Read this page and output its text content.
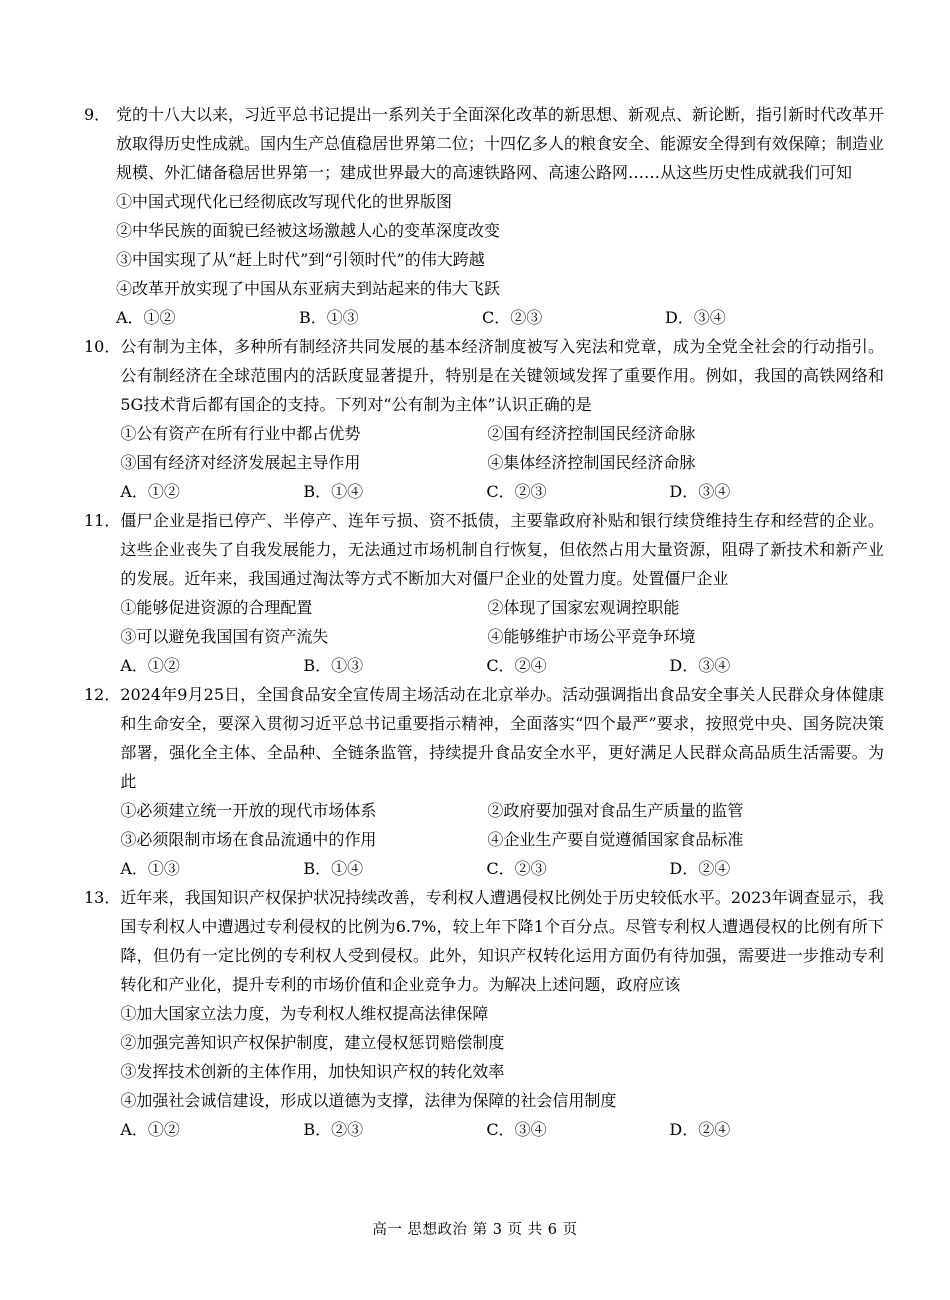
9． 党的十八大以来，习近平总书记提出一系列关于全面深化改革的新思想、新观点、新论断，指引新时代改革开放取得历史性成就。国内生产总值稳居世界第二位；十四亿多人的粮食安全、能源安全得到有效保障；制造业规模、外汇储备稳居世界第一；建成世界最大的高速铁路网、高速公路网……从这些历史性成就我们可知
①中国式现代化已经彻底改写现代化的世界版图
②中华民族的面貌已经被这场激越人心的变革深度改变
③中国实现了从“赶上时代”到“引领时代”的伟大跨越
④改革开放实现了中国从东亚病夫到站起来的伟大飞跃
A．①②	B．①③	C．②③	D．③④
10． 公有制为主体，多种所有制经济共同发展的基本经济制度被写入宪法和党章，成为全党全社会的行动指引。公有制经济在全球范围内的活跃度显著提升，特别是在关键领域发挥了重要作用。例如，我国的高铁网络和5G技术背后都有国企的支持。下列对“公有制为主体”认识正确的是
①公有资产在所有行业中都占优势	②国有经济控制国民经济命脉
③国有经济对经济发展起主导作用	④集体经济控制国民经济命脉
A．①②	B．①④	C．②③	D．③④
11． 僵尸企业是指已停产、半停产、连年亏损、资不抵债，主要靠政府补贴和银行续贷维持生存和经营的企业。这些企业丧失了自我发展能力，无法通过市场机制自行恢复，但依然占用大量资源，阻碍了新技术和新产业的发展。近年来，我国通过淘汰等方式不断加大对僵尸企业的处置力度。处置僵尸企业
①能够促进资源的合理配置	②体现了国家宏观调控职能
③可以避免我国国有资产流失	④能够维护市场公平竞争环境
A．①②	B．①③	C．②④	D．③④
12． 2024年9月25日，全国食品安全宣传周主场活动在北京举办。活动强调指出食品安全事关人民群众身体健康和生命安全，要深入贯彻习近平总书记重要指示精神，全面落实“四个最严”要求，按照党中央、国务院决策部署，强化全主体、全品种、全链条监管，持续提升食品安全水平，更好满足人民群众高品质生活需要。为此
①必须建立统一开放的现代市场体系	②政府要加强对食品生产质量的监管
③必须限制市场在食品流通中的作用	④企业生产要自觉遵循国家食品标准
A．①③	B．①④	C．②③	D．②④
13． 近年来，我国知识产权保护状况持续改善，专利权人遭遇侵权比例处于历史较低水平。2023年调查显示，我国专利权人中遭遇过专利侵权的比例为6.7%，较上年下降1个百分点。尽管专利权人遭遇侵权的比例有所下降，但仍有一定比例的专利权人受到侵权。此外，知识产权转化运用方面仍有待加强，需要进一步推动专利转化和产业化，提升专利的市场价值和企业竞争力。为解决上述问题，政府应该
①加大国家立法力度，为专利权人维权提高法律保障
②加强完善知识产权保护制度，建立侵权惩罚赔偿制度
③发挥技术创新的主体作用，加快知识产权的转化效率
④加强社会诚信建设，形成以道德为支撑，法律为保障的社会信用制度
A．①②	B．②③	C．③④	D．②④
高一 思想政治 第 3 页 共 6 页
